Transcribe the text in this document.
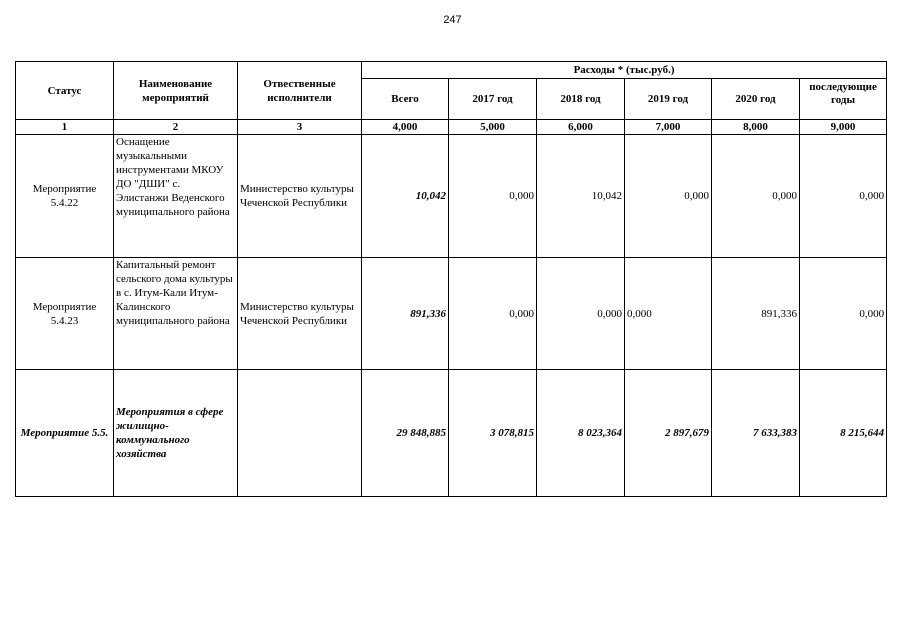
247
Статус	Наименование мероприятий	Отвественные исполнители	Расходы * (тыс.руб.)					
			Всего	2017 год	2018 год	2019 год	2020 год	последующие годы
1	2	3	4,000	5,000	6,000	7,000	8,000	9,000
Мероприятие 5.4.22	Оснащение музыкальными инструментами МКОУ ДО "ДШИ" с. Элистанжи Веденского муниципального района	Министерство культуры Чеченской Республики	10,042	0,000	10,042	0,000	0,000	0,000
Мероприятие 5.4.23	Капитальный ремонт сельского дома культуры в с. Итум-Кали Итум-Калинского муниципального района	Министерство культуры Чеченской Республики	891,336	0,000	0,000	0,000	891,336	0,000
Мероприятие 5.5.	Мероприятия в сфере жилищно-коммунального хозяйства		29 848,885	3 078,815	8 023,364	2 897,679	7 633,383	8 215,644
